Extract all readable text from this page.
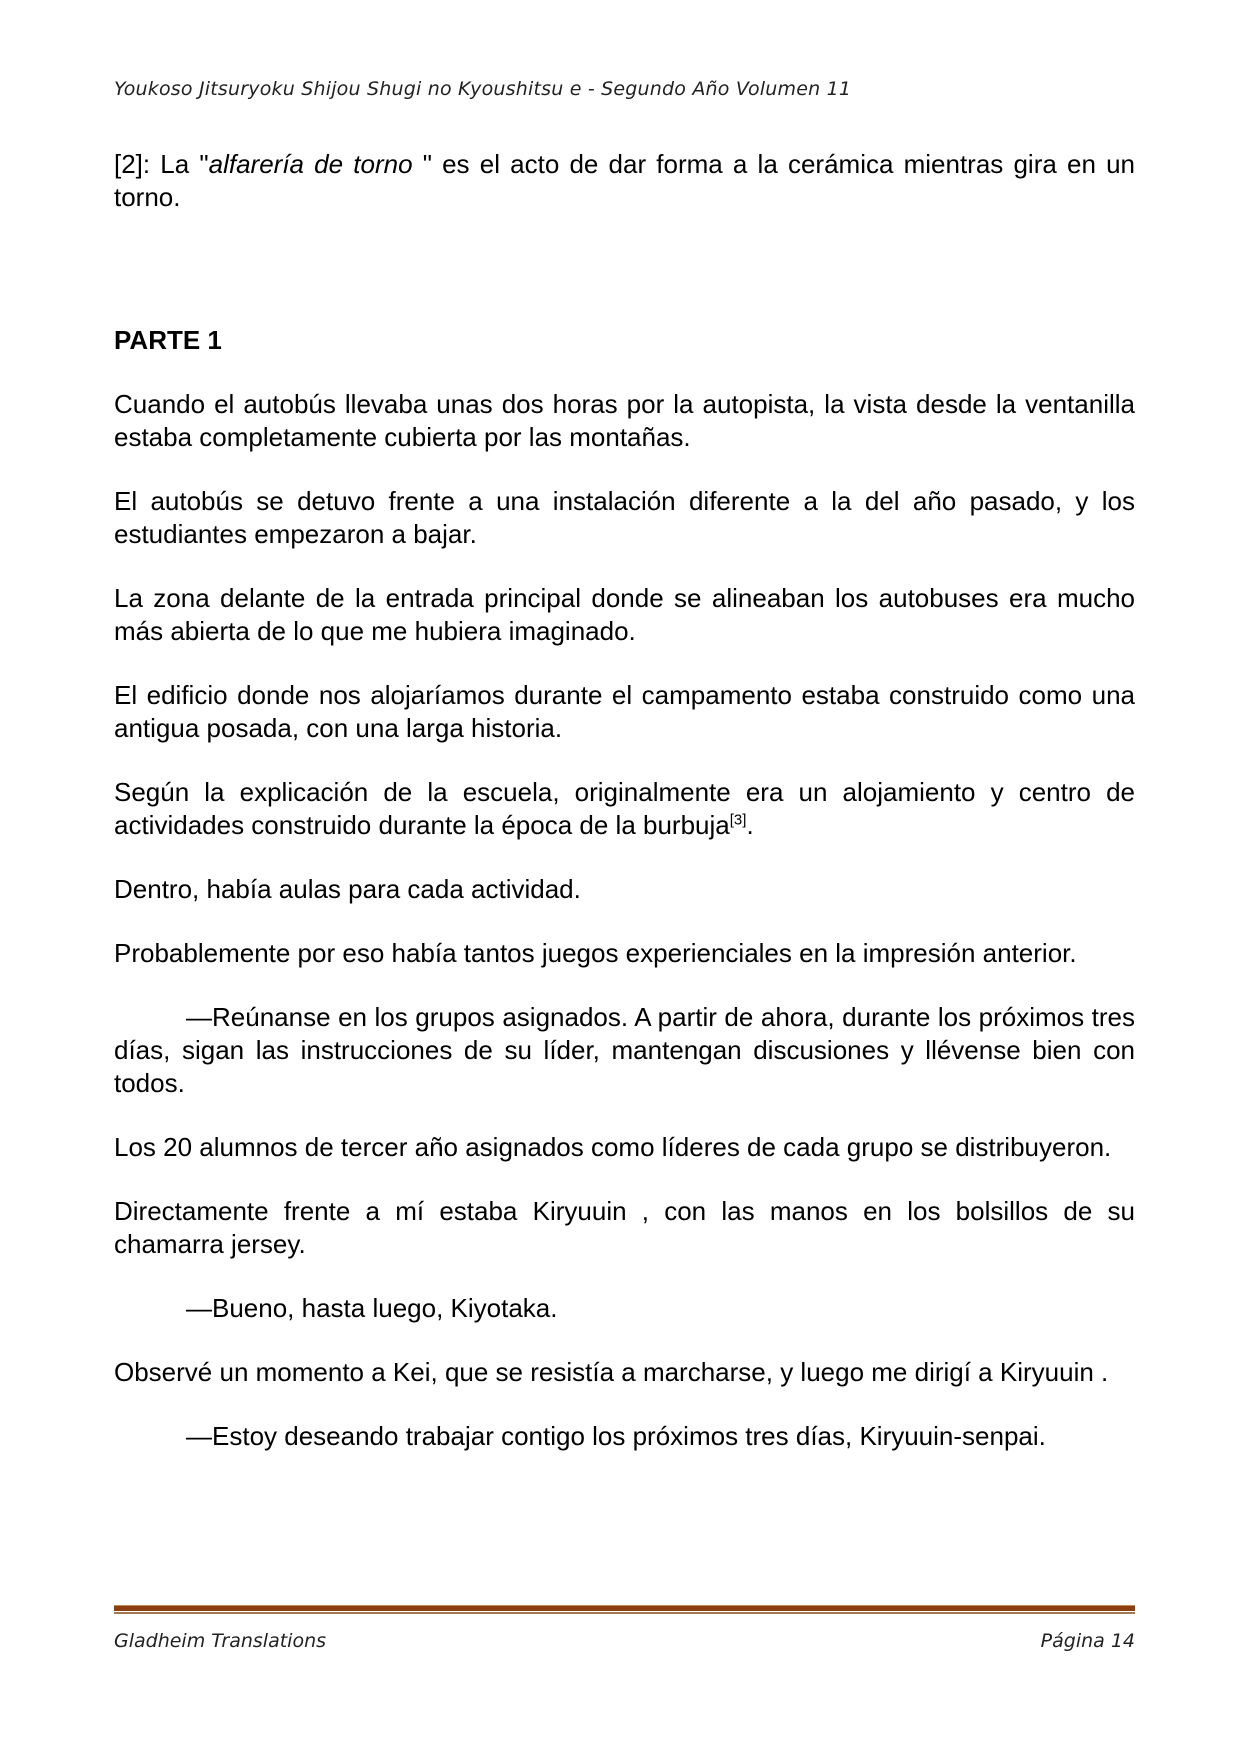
Youkoso Jitsuryoku Shijou Shugi no Kyoushitsu e - Segundo Año Volumen 11

[2]: La "alfarería de torno " es el acto de dar forma a la cerámica mientras gira en un torno.

PARTE 1

Cuando el autobús llevaba unas dos horas por la autopista, la vista desde la ventanilla estaba completamente cubierta por las montañas.

El autobús se detuvo frente a una instalación diferente a la del año pasado, y los estudiantes empezaron a bajar.

La zona delante de la entrada principal donde se alineaban los autobuses era mucho más abierta de lo que me hubiera imaginado.

El edificio donde nos alojaríamos durante el campamento estaba construido como una antigua posada, con una larga historia.

Según la explicación de la escuela, originalmente era un alojamiento y centro de actividades construido durante la época de la burbuja[3].

Dentro, había aulas para cada actividad.

Probablemente por eso había tantos juegos experienciales en la impresión anterior.

—Reúnanse en los grupos asignados. A partir de ahora, durante los próximos tres días, sigan las instrucciones de su líder, mantengan discusiones y llévense bien con todos.

Los 20 alumnos de tercer año asignados como líderes de cada grupo se distribuyeron.

Directamente frente a mí estaba Kiryuuin , con las manos en los bolsillos de su chamarra jersey.

—Bueno, hasta luego, Kiyotaka.

Observé un momento a Kei, que se resistía a marcharse, y luego me dirigí a Kiryuuin .

—Estoy deseando trabajar contigo los próximos tres días, Kiryuuin-senpai.

Gladheim Translations	Página 14
